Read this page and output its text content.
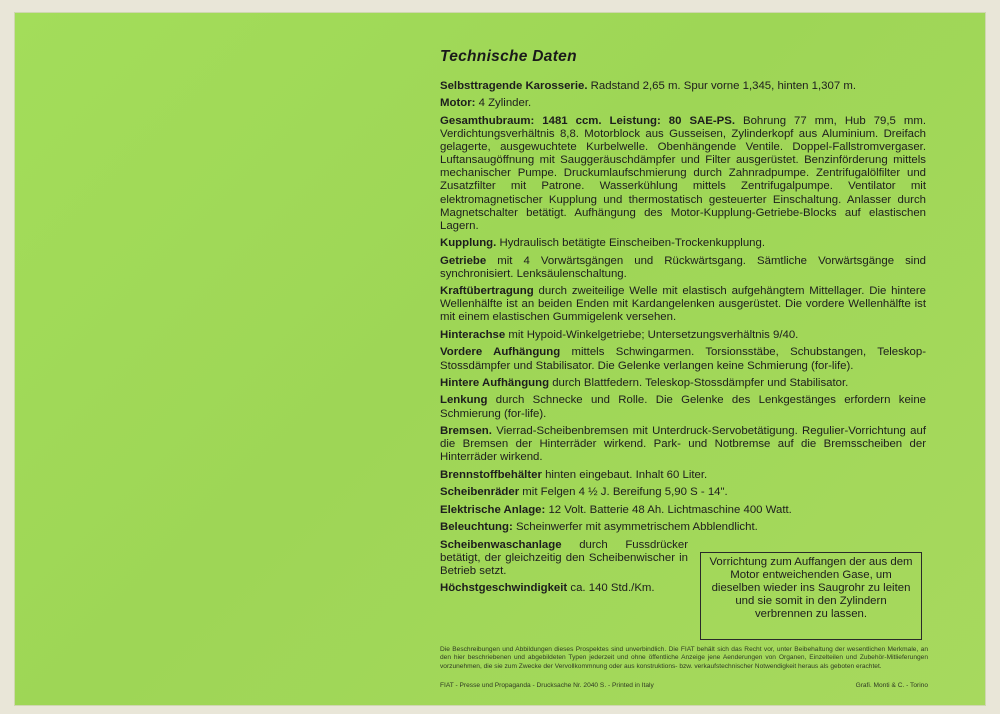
Technische Daten

Selbsttragende Karosserie. Radstand 2,65 m. Spur vorne 1,345, hinten 1,307 m.

Motor: 4 Zylinder.

Gesamthubraum: 1481 ccm. Leistung: 80 SAE-PS. Bohrung 77 mm, Hub 79,5 mm. Verdichtungsverhältnis 8,8. Motorblock aus Gusseisen, Zylinderkopf aus Aluminium. Dreifach gelagerte, ausgewuchtete Kurbelwelle. Obenhängende Ventile. Doppel-Fallstromvergaser. Luftansaugöffnung mit Sauggeräuschdämpfer und Filter ausgerüstet. Benzinförderung mittels mechanischer Pumpe. Druckumlaufschmierung durch Zahnradpumpe. Zentrifugalölfilter und Zusatzfilter mit Patrone. Wasserkühlung mittels Zentrifugalpumpe. Ventilator mit elektromagnetischer Kupplung und thermostatisch gesteuerter Einschaltung. Anlasser durch Magnetschalter betätigt. Aufhängung des Motor-Kupplung-Getriebe-Blocks auf elastischen Lagern.

Kupplung. Hydraulisch betätigte Einscheiben-Trockenkupplung.

Getriebe mit 4 Vorwärtsgängen und Rückwärtsgang. Sämtliche Vorwärtsgänge sind synchronisiert. Lenksäulenschaltung.

Kraftübertragung durch zweiteilige Welle mit elastisch aufgehängtem Mittellager. Die hintere Wellenhälfte ist an beiden Enden mit Kardangelenken ausgerüstet. Die vordere Wellenhälfte ist mit einem elastischen Gummigelenk versehen.

Hinterachse mit Hypoid-Winkelgetriebe; Untersetzungsverhältnis 9/40.

Vordere Aufhängung mittels Schwingarmen. Torsionsstäbe, Schubstangen, Teleskop-Stossdämpfer und Stabilisator. Die Gelenke verlangen keine Schmierung (for-life).

Hintere Aufhängung durch Blattfedern. Teleskop-Stossdämpfer und Stabilisator.

Lenkung durch Schnecke und Rolle. Die Gelenke des Lenkgestänges erfordern keine Schmierung (for-life).

Bremsen. Vierrad-Scheibenbremsen mit Unterdruck-Servobetätigung. Regulier-Vorrichtung auf die Bremsen der Hinterräder wirkend. Park- und Notbremse auf die Bremsscheiben der Hinterräder wirkend.

Brennstoffbehälter hinten eingebaut. Inhalt 60 Liter.

Scheibenräder mit Felgen 4 ½ J. Bereifung 5,90 S - 14".

Elektrische Anlage: 12 Volt. Batterie 48 Ah. Lichtmaschine 400 Watt.

Beleuchtung: Scheinwerfer mit asymmetrischem Abblendlicht.

Scheibenwaschanlage durch Fussdrücker betätigt, der gleichzeitig den Scheibenwischer in Betrieb setzt.

Höchstgeschwindigkeit ca. 140 Std./Km.

Vorrichtung zum Auffangen der aus dem Motor entweichenden Gase, um dieselben wieder ins Saugrohr zu leiten und sie somit in den Zylindern verbrennen zu lassen.
Die Beschreibungen und Abbildungen dieses Prospektes sind unverbindlich. Die FIAT behält sich das Recht vor, unter Beibehaltung der wesentlichen Merkmale, an den hier beschriebenen und abgebildeten Typen jederzeit und ohne öffentliche Anzeige jene Aenderungen von Organen, Einzelteilen und Zubehör-Mitlieferungen vorzunehmen, die sie zum Zwecke der Vervollkommnung oder aus konstruktions- bzw. verkaufstechnischer Notwendigkeit heraus als geboten erachtet.
FIAT - Presse und Propaganda - Drucksache Nr. 2040 S. - Printed in Italy	Grafi. Monti & C. - Torino
